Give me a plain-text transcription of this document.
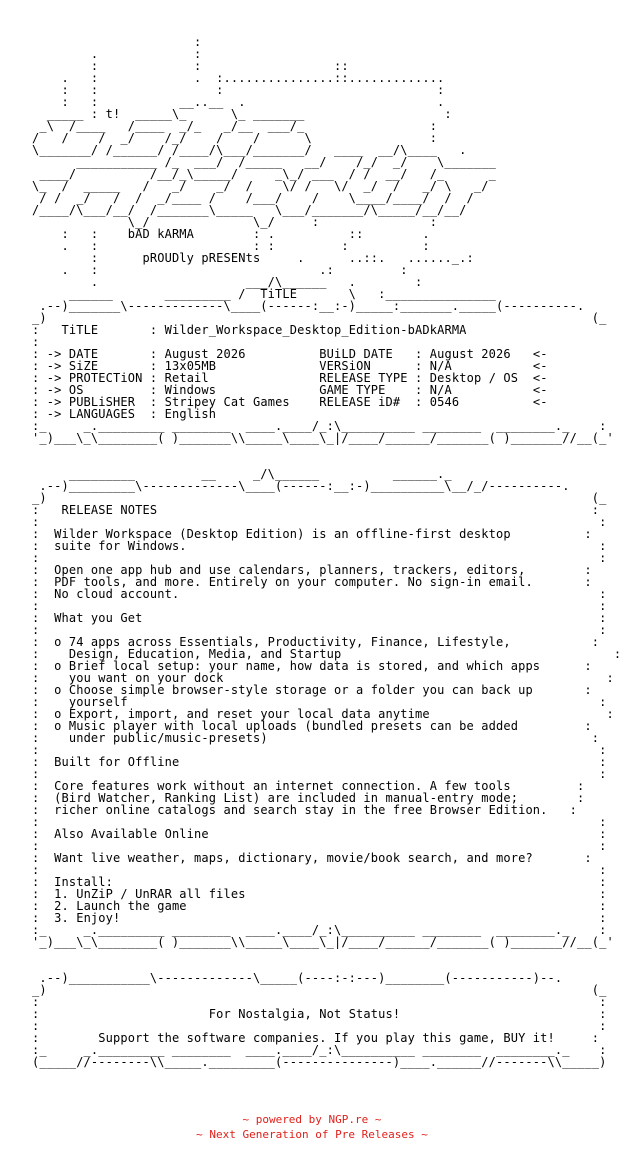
:
.             :
:             :                  ::
.   :             .  :...............::.............
:   :                :                             :
:   :           __..__  .                          .
_____ : t!  _____\_      \_ _______                   :
_\  /____   /____  _/_   _/__  ___/_                 :
/   /    /  _/    /_/    /    /      \                :
\_______/ /______/ /____/\___/_______/   ____  __/\____   .
___________ /_  ___/  /_____   __/    /_/  _/    \_______
____/          /__/_\_____/     _\_/ ___  / /  __/   /_      _
\_  /  _____   /   _/    _/  /    \/ /   \/  _/  /   _/ \   _/
/ /  _/   /  /  _/____ /    /___/    /    \____/____/  /  /
/____/\___/__/  /_______\_____   \___/_______/\_____/__/__/
\_/              \_/     :               :
:   :    bAD kARMA	: .          ::        .
.   :                     : :         :          :
:	pROUDly pRESENts	.      ..::.   ......_.:
.   :                              .:         :
.                    ___/\______   .        :
______       _________ /  TiTLE       \   :_______________
.--)_______\-------------\____(------:__:-)_____:_______._____(----------.
_)                                                                          (_
:   TiTLE       : Wilder_Workspace_Desktop_Edition-bADkARMA
:
: -> DATE       : August 2026	BUiLD DATE   : August 2026   <-
: -> SiZE       : 13x05MB	VERSiON      : N/A	<-
: -> PROTECTiON : Retail	RELEASE TYPE : Desktop / OS  <-
: -> OS         : Windows	GAME TYPE    : N/A	<-
: -> PUBLiSHER  : Stripey Cat Games RELEASE iD#  : 0546	<-
: -> LANGUAGES  : English
:_     _._________ ________  ____.____/_:\__________ ________  ________._    :
'_)___\_\________( )_______\\_____\____\_|/____/______/_______( )_______//__(_'

_________         __     _/\______          ______._
.--)_________\-------------\____(------:__:-)__________\__/_/----------.
_)                                                                          (_
:   RELEASE NOTES	:
:                                                                            :
:  Wilder Workspace (Desktop Edition) is an offline-first desktop	:
:  suite for Windows.	:
:                                                                            :
:  Open one app hub and use calendars, planners, trackers, editors,	:
:  PDF tools, and more. Entirely on your computer. No sign-in email.	:
:  No cloud account.	:
:                                                                            :
:  What you Get	:
:                                                                            :
:  o 74 apps across Essentials, Productivity, Finance, Lifestyle,	:
:    Design, Education, Media, and Startup	:
:  o Brief local setup: your name, how data is stored, and which apps	:
:    you want on your dock	:
:  o Choose simple browser-style storage or a folder you can back up	:
:    yourself	:
:  o Export, import, and reset your local data anytime	:
:  o Music player with local uploads (bundled presets can be added	:
:    under public/music-presets)	:
:                                                                            :
:  Built for Offline	:
:                                                                            :
:  Core features work without an internet connection. A few tools	:
:  (Bird Watcher, Ranking List) are included in manual-entry mode;	:
:  richer online catalogs and search stay in the free Browser Edition.   :
:                                                                            :
:  Also Available Online	:
:                                                                            :
:  Want live weather, maps, dictionary, movie/book search, and more?	:
:                                                                            :
:  Install:	:
:  1. UnZiP / UnRAR all files	:
:  2. Launch the game	:
:  3. Enjoy!	:
:_     _._________ ________  ____.____/_:\__________ ________  ________._    :
'_)___\_\________( )_______\\_____\____\_|/____/______/_______( )_______//__(_'

.--)___________\-------------\_____(----:-:---)________(-----------)--.
_)                                                                          (_
:                                                                            :
:	For Nostalgia, Not Status!	:
:                                                                            :
:	Support the software companies. If you play this game, BUY it!	:
:_     _._________ ________  ____.____/_:\__________ ________  ________._    :
(_____//--------\\_____._________(---------------)____.______//-------\\_____)
~ powered by NGP.re ~
~ Next Generation of Pre Releases ~
